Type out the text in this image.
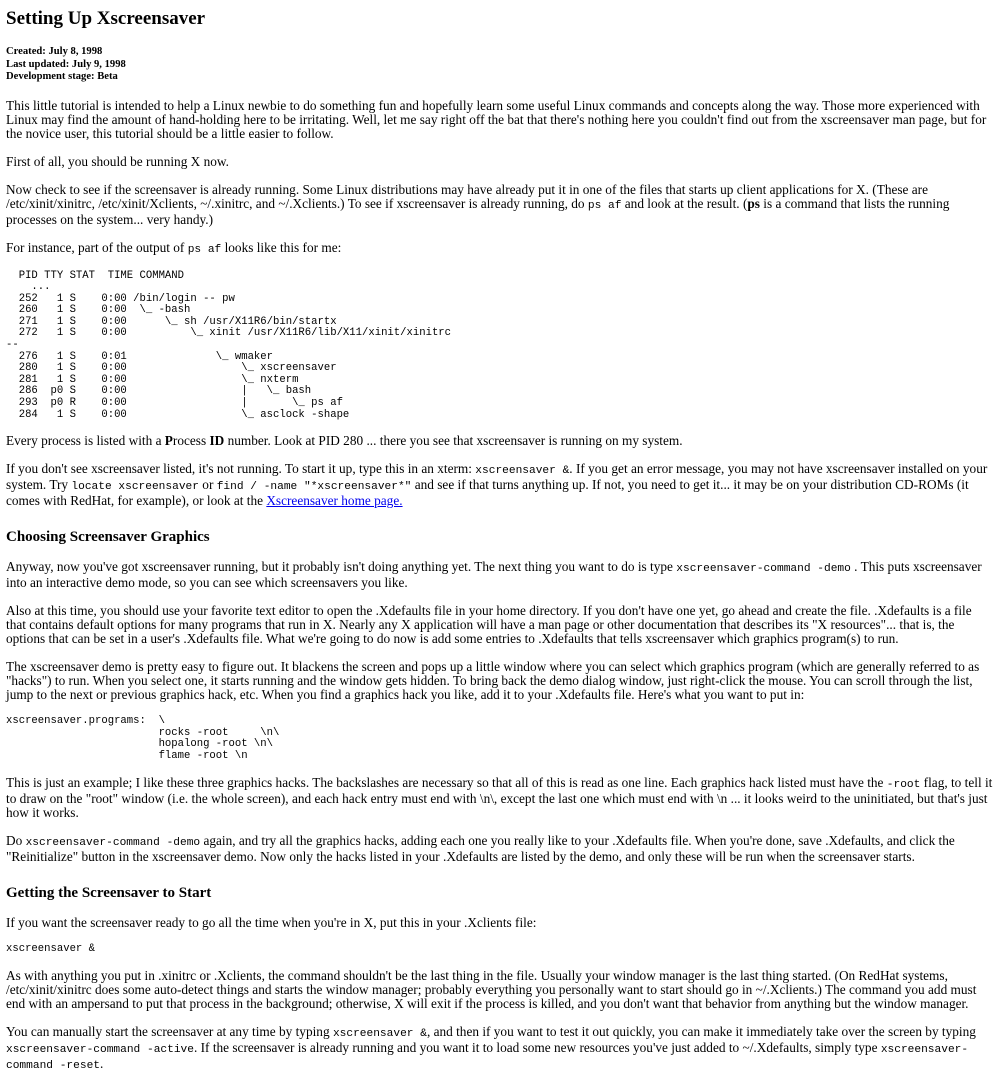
Setting Up Xscreensaver
Created: July 8, 1998
Last updated: July 9, 1998
Development stage: Beta

This little tutorial is intended to help a Linux newbie to do something fun and hopefully learn some useful Linux commands and concepts along the way. Those more experienced with Linux may find the amount of hand-holding here to be irritating. Well, let me say right off the bat that there's nothing here you couldn't find out from the xscreensaver man page, but for the novice user, this tutorial should be a little easier to follow.

First of all, you should be running X now.

Now check to see if the screensaver is already running. Some Linux distributions may have already put it in one of the files that starts up client applications for X. (These are /etc/xinit/xinitrc, /etc/xinit/Xclients, ~/.xinitrc, and ~/.Xclients.) To see if xscreensaver is already running, do ps af and look at the result. (ps is a command that lists the running processes on the system... very handy.)

For instance, part of the output of ps af looks like this for me:

PID TTY STAT  TIME COMMAND
...
252   1 S    0:00 /bin/login -- pw
260   1 S    0:00  \_ -bash
271   1 S    0:00      \_ sh /usr/X11R6/bin/startx
272   1 S    0:00          \_ xinit /usr/X11R6/lib/X11/xinit/xinitrc
--
276   1 S    0:01              \_ wmaker
280   1 S    0:00                  \_ xscreensaver
281   1 S    0:00                  \_ nxterm
286  p0 S    0:00                  |   \_ bash
293  p0 R    0:00                  |       \_ ps af
284   1 S    0:00                  \_ asclock -shape

Every process is listed with a Process ID number. Look at PID 280 ... there you see that xscreensaver is running on my system.

If you don't see xscreensaver listed, it's not running. To start it up, type this in an xterm: xscreensaver &. If you get an error message, you may not have xscreensaver installed on your system. Try locate xscreensaver or find / -name "*xscreensaver*" and see if that turns anything up. If not, you need to get it... it may be on your distribution CD-ROMs (it comes with RedHat, for example), or look at the Xscreensaver home page.

Choosing Screensaver Graphics

Anyway, now you've got xscreensaver running, but it probably isn't doing anything yet. The next thing you want to do is type xscreensaver-command -demo . This puts xscreensaver into an interactive demo mode, so you can see which screensavers you like.

Also at this time, you should use your favorite text editor to open the .Xdefaults file in your home directory. If you don't have one yet, go ahead and create the file. .Xdefaults is a file that contains default options for many programs that run in X. Nearly any X application will have a man page or other documentation that describes its "X resources"... that is, the options that can be set in a user's .Xdefaults file. What we're going to do now is add some entries to .Xdefaults that tells xscreensaver which graphics program(s) to run.

The xscreensaver demo is pretty easy to figure out. It blackens the screen and pops up a little window where you can select which graphics program (which are generally referred to as "hacks") to run. When you select one, it starts running and the window gets hidden. To bring back the demo dialog window, just right-click the mouse. You can scroll through the list, jump to the next or previous graphics hack, etc. When you find a graphics hack you like, add it to your .Xdefaults file. Here's what you want to put in:

xscreensaver.programs:  \
rocks -root     \n\
hopalong -root \n\
flame -root \n

This is just an example; I like these three graphics hacks. The backslashes are necessary so that all of this is read as one line. Each graphics hack listed must have the -root flag, to tell it to draw on the "root" window (i.e. the whole screen), and each hack entry must end with \n\, except the last one which must end with \n ... it looks weird to the uninitiated, but that's just how it works.

Do xscreensaver-command -demo again, and try all the graphics hacks, adding each one you really like to your .Xdefaults file. When you're done, save .Xdefaults, and click the "Reinitialize" button in the xscreensaver demo. Now only the hacks listed in your .Xdefaults are listed by the demo, and only these will be run when the screensaver starts.

Getting the Screensaver to Start

If you want the screensaver ready to go all the time when you're in X, put this in your .Xclients file:

xscreensaver &

As with anything you put in .xinitrc or .Xclients, the command shouldn't be the last thing in the file. Usually your window manager is the last thing started. (On RedHat systems, /etc/xinit/xinitrc does some auto-detect things and starts the window manager; probably everything you personally want to start should go in ~/.Xclients.) The command you add must end with an ampersand to put that process in the background; otherwise, X will exit if the process is killed, and you don't want that behavior from anything but the window manager.

You can manually start the screensaver at any time by typing xscreensaver &, and then if you want to test it out quickly, you can make it immediately take over the screen by typing xscreensaver-command -active. If the screensaver is already running and you want it to load some new resources you've just added to ~/.Xdefaults, simply type xscreensaver-command -reset.
